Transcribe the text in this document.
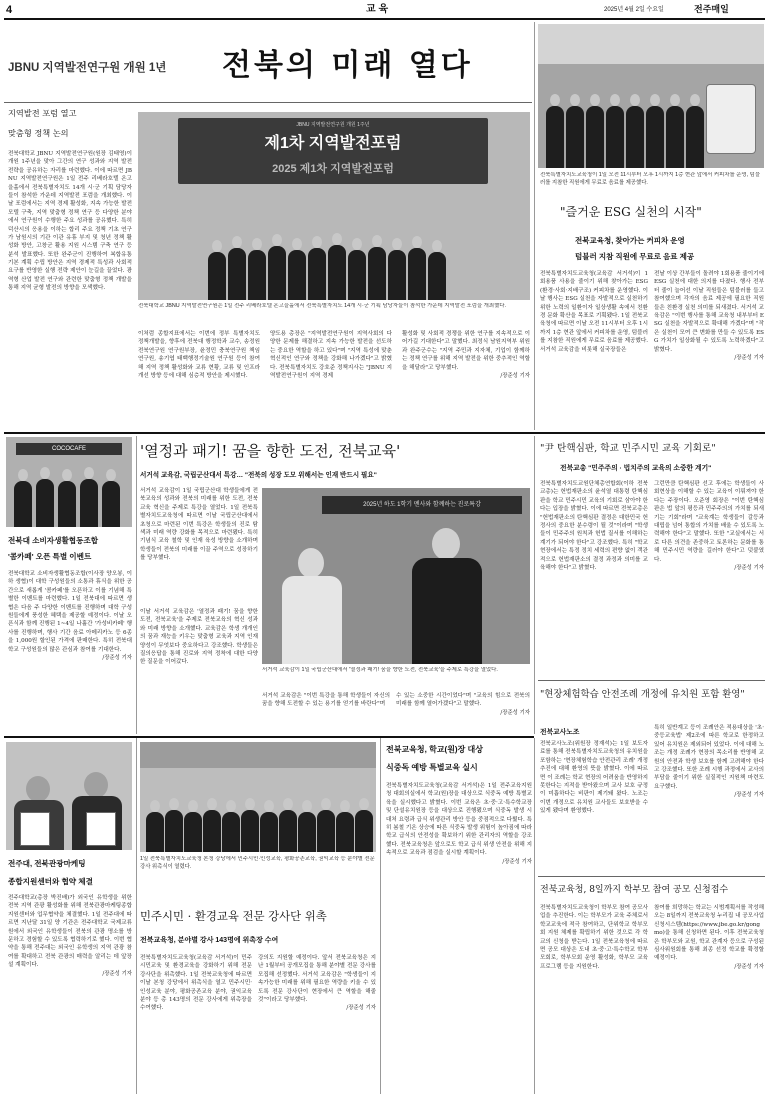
4	교 육	2025년 4월 2일 수요일	전주매일
JBNU 지역발전연구원 개원 1년	전북의 미래 열다
지역발전 포럼 열고
맞춤형 정책 논의
전북대학교 JBNU 지역발전연구원(원장 김태영)이 개원 1주년을 맞아 그간의 연구 성과와 지역 발전 전략을 공유하는 자리를 마련했다. 이에 따르면 JBNU 지역발전연구원은 1일 전주 리베라호텔 온고을홀에서 전북특별자치도 14개 시·군 기획 담당자들이 참석한 가운데 지역발전 포럼을 개최했다. 이날 포럼에서는 지역 경제 활성화, 지속 가능한 발전 모델 구축, 지역 맞춤형 정책 연구 등 다양한 분야에서 연구원이 수행한 주요 성과를 공유했다. 특히 덕산시의 응용을 이하는 합리 주요 정책 기초 연구가 남원시의 기관 이관 유휴 부지 및 청년 정책 활성화 방안, 고창군 활용 지원 시스템 구축 연구 등 분석 발표했다. 또한 완주군이 진행하여 복합유통 기본 계획 수립 방안은 지역 경제적 특성과 사회적 요구를 반영한 실행 전략 제안이 눈길을 끌었다. 광역형 산업 발전 연구와 관련한 맞춤형 정책 개발을 통해 지역 균형 발전의 방향을 모색했다.
JBNU 지역발전연구원 개원 1주년
제1차 지역발전포럼
2025 제1차 지역발전포럼
전북대학교 JBNU 지역발전연구원은 1일 전주 리베라호텔 온고을홀에서 전북특별자치도 14개 시·군 기획 담당자들이 참석한 가운데 지역발전 포럼을 개최했다.
이처럼 종합지표에서는 이번에 정부 특별자치도 정책개발을, 향후에 전북대 행정학과 교수, 송정원 전북연구원 연구원부장, 윤정민 충북연구원 책임연구원, 송기엽 태백행정기술원 연구원 등이 참여해 지역 정책 활성화와 교류 현황, 교류 및 인프라 개선 방향 등에 대해 심층적 방안을 제시했다.
양도용 총장은 "지역발전연구원이 지역사회의 다양한 문제를 해결하고 지속 가능한 발전을 선도하는 중요한 역할을 하고 있다"며 "지역 특성에 맞춘 혁신적인 연구와 정책을 강화해 나가겠다"고 밝혔다. 전북특별자치도 강호준 정책지사는 "JBNU 지역발전연구원이 지역 경제
활성화 및 사회적 경쟁을 위한 연구를 지속적으로 이어가길 기대한다"고 말했다. 최정식 남원지역부 위원과 완주군수는 "지역 주민과 지자체, 기업이 함께하는 정책 연구를 위해 지역 발전을 위한 중추적인 역할을 해달라"고 당부했다.
/장준성 기자
전북특별자치도교육청이 1일 오전 11시부터 오후 1시까지 1층 현관 앞에서 커피차를 운영, 텀블러를 지참한 직원에게 무료로 음료를 제공했다.
"즐거운 ESG 실천의 시작"
전북교육청, 찾아가는 커피차 운영
텀블러 지참 직원에 무료로 음료 제공
전북특별자치도교육청(교육감 서거석)이 1회용품 사용을 줄이기 위해 찾아가는 ESG(환경·사회·지배구조) 커피차를 운영했다. 이날 행사는 ESG 실천을 자발적으로 실천하기 위한 노력의 일환이자 일상생활 속에서 친환경 문화 확산을 목표로 기획됐다. 1일 전북교육청에 따르면 이날 오전 11시부터 오후 1시까지 1층 현관 앞에서 커피차를 운영, 텀블러를 지참한 직원에게 무료로 음료를 제공했다. 서거석 교육감을 비롯해 실국장들은
전날 이상 간부들이 돌려야 1회용품 줄이기에 ESG 실천에 대한 의지를 다졌다. 행사 전부터 줄이 늘어선 이날 직원들은 텀블러를 들고 참여했으며 각자의 음료 제공에 필요한 직원들은 친환경 실천 의미를 되새겼다. 서거석 교육감은 "이번 행사를 통해 교육청 내부부터 ESG 실천을 자발적으로 확대해 가겠다"며 "작은 실천이 모여 큰 변화를 만들 수 있도록 ESG 가치가 일상화될 수 있도록 노력하겠다"고 밝혔다.
/장준성 기자
COCOCAFE
전북대 소비자생활협동조합
'콤카페' 오픈 특별 이벤트
전북대학교 소비자생활협동조합(이사장 양오봉, 이하 생협)이 대학 구성원들의 소통과 휴식을 위한 공간으로 새롭게 '콤카페'를 오픈하고 이를 기념해 특별한 이벤트를 마련했다. 1일 전북대에 따르면 생협은 다음 주 다양한 이벤트를 진행하며 대학 구성원들에게 풍성한 혜택을 제공할 예정이다. 이날 오픈식과 함께 진행된 1~4일 나흘간 '가성비카페' 행사를 진행하며, 행사 기간 음료 아메리카노 등 6종을 1,000원 할인된 가격에 판매한다. 특히 전북대학교 구성원들의 많은 관심과 참여를 기대한다.
/장준성 기자
'열정과 패기! 꿈을 향한 도전, 전북교육'
서거석 교육감, 국립군산대서 특강… "전북의 성장 도모 위해서는 인재 반드시 필요"
서거석 교육감이 1일 국립군산대 학생들에게 전북교육의 성과와 전북의 미래를 위한 도전, 전북교육 혁신을 주제로 특강을 열었다. 1일 전북특별자치도교육청에 따르면 이날 국립군산대에서 초청으로 마련된 이번 특강은 학생들의 진로 탐색과 미래 역량 강화를 목적으로 마련됐다. 특히 기념식 교육 철학 및 인재 육성 방향을 소개하며 학생들이 전북의 미래를 이끌 주역으로 성장하기를 당부했다.
이날 서거석 교육감은 '열정과 패기! 꿈을 향한 도전, 전북교육'을 주제로 전북교육의 혁신 성과와 미래 방향을 소개했다. 교육감은 학생 개개인의 꿈과 재능을 키우는 맞춤형 교육과 지역 인재 양성이 무엇보다 중요하다고 강조했다. 학생들은 질의응답을 통해 진로와 지역 정착에 대한 다양한 질문을 이어갔다.
2025년 하도 1학기 멘사와 함께하는 진로특강
서거석 교육감이 1일 국립군산대에서 '열정과 패기! 꿈을 향한 도전, 전북교육'을 주제로 특강을 열었다.
서거석 교육감은 "이번 특강을 통해 학생들이 자신의 꿈을 향해 도전할 수 있는 용기를 얻기를 바란다"며
수 있는 소중한 시간이었다"며 "교육의 힘으로 전북의 미래를 함께 열어가겠다"고 말했다.
/장준성 기자
"尹 탄핵심판, 학교 민주시민 교육 기회로"
전북교총 "민주주의 · 법치주의 교육의 소중한 계기"
전북특별자치도교원단체총연합회(이하 전북교총)는 헌법재판소의 윤석열 대통령 탄핵심판을 학교 민주시민 교육의 기회로 삼아야 한다는 입장을 밝혔다. 이에 따르면 전북교총은 "헌법재판소의 탄핵심판 결정은 대한민국 헌정사의 중요한 분수령이 될 것"이라며 "학생들이 민주주의 원칙과 헌법 질서를 이해하는 계기가 되어야 한다"고 강조했다. 특히 "학교 현장에서는 특정 정치 세력의 편향 없이 객관적으로 헌법재판소의 결정 과정과 의미를 교육해야 한다"고 밝혔다.
그런만큼 탄핵심판 선고 후에는 학생들이 사회현상을 이해할 수 있는 교육이 이뤄져야 한다는 주장이다. 오준영 회장은 "이번 탄핵심판은 법 앞의 평등과 민주주의의 가치를 되새기는 기회"라며 "교육계는 학생들이 갈등과 대립을 넘어 통합의 가치를 배울 수 있도록 노력해야 한다"고 말했다. 또한 "교실에서는 서로 다른 의견을 존중하고 토론하는 문화를 통해 민주시민 역량을 길러야 한다"고 덧붙였다.
/장준성 기자
"현장체험학습 안전조례 개정에 유치원 포함 환영"
전북교사노조
전북교사노조(위원장 정재석)는 1일 보도자료를 통해 전북특별자치도교육청의 유치원을 포함하는 '현장체험학습 안전관리 조례' 개정 추진에 대해 환영의 뜻을 밝혔다. 이에 따르면 이 조례는 학교 현장의 어려움을 반영하지 못한다는 지적을 받아왔으며 교사 보호 규정이 미흡하다는 비판이 제기돼 왔다. 노조는 이번 개정으로 유치원 교사들도 보호받을 수 있게 됐다며 환영했다.
특히 일반계고 등이 조례안은 적용대상을 '초·중등교육법' 제2조에 따른 학교로 한정하고 있어 유치원은 제외되어 있었다. 이에 대해 노조는 개정 조례가 현장의 목소리를 반영해 교원의 안전과 학생 보호를 함께 고려해야 한다고 강조했다. 또한 조례 시행 과정에서 교사의 부담을 줄이기 위한 실질적인 지원책 마련도 요구했다.
/장준성 기자
전주대, 전북관광마케팅
종합지원센터와 협약 체결
전주대학교(총장 박진배)가 외국인 유학생을 위한 전북 지역 관광 활성화를 위해 전북관광마케팅종합지원센터와 업무협약을 체결했다. 1일 전주대에 따르면 지난달 31일 양 기관은 전주대학교 국제교류원에서 외국인 유학생들이 전북의 관광 명소를 방문하고 경험할 수 있도록 협력하기로 했다. 이번 협약을 통해 전주대는 외국인 유학생의 지역 관광 참여를 확대하고 전북 관광의 매력을 알리는 데 앞장설 계획이다.
/장준성 기자
1일 전북특별자치도교육청 본청 강당에서 민주시민·인성교육, 평화공존교육, 권익교육 등 분야별 전문강사 위촉식이 열렸다.
민주시민 · 환경교육 전문 강사단 위촉
전북교육청, 분야별 강사 143명에 위촉장 수여
전북특별자치도교육청(교육감 서거석)이 민주시민교육 및 환경교육을 강화하기 위해 전문 강사단을 위촉했다. 1일 전북교육청에 따르면 이날 본청 강당에서 위촉식을 열고 민주시민·인성교육 분야, 평화공존교육 분야, 권익교육 분야 등 총 143명의 전문 강사에게 위촉장을 수여했다.
강의도 지원할 예정이다. 앞서 전북교육청은 지난 1월부터 공개모집을 통해 분야별 전문 강사를 모집해 선정했다. 서거석 교육감은 "학생들이 지속가능한 미래를 위해 필요한 역량을 키울 수 있도록 전문 강사단이 현장에서 큰 역할을 해줄 것"이라고 당부했다.
/장준성 기자
전북교육청, 학교(원)장 대상
식중독 예방 특별교육 실시
전북특별자치도교육청(교육감 서거석)은 1일 전주교육지원청 대회의실에서 학교(원)장을 대상으로 식중독 예방 특별교육을 실시했다고 밝혔다. 이번 교육은 초·중·고·특수학교장 및 단설유치원장 등을 대상으로 진행됐으며 식중독 발생 시 대처 요령과 급식 위생관리 방안 등을 중점적으로 다뤘다. 특히 봄철 기온 상승에 따른 식중독 발생 위험이 높아짐에 따라 학교 급식의 안전성을 확보하기 위한 관리자의 역할을 강조했다. 전북교육청은 앞으로도 학교 급식 위생 안전을 위해 지속적으로 교육과 점검을 실시할 계획이다.
/장준성 기자
전북교육청, 8일까지 학부모 참여 공모 신청접수
전북특별자치도교육청이 학부모 참여 공모사업을 추진한다. 이는 학부모가 교육 주체로서 학교교육에 적극 참여하고, 단위학교 학부모회 지원 체제를 확립하기 위한 것으로 각 학교의 신청을 받는다. 1일 전북교육청에 따르면 공모 대상은 도내 초·중·고·특수학교 학부모회로, 학부모회 운영 활성화, 학부모 교육 프로그램 등을 지원한다.
참여를 희망하는 학교는 시범계획서를 작성해 오는 8일까지 전북교육청 누리집 내 공모사업 신청시스템(https://www.jbe.go.kr/gongmo)을 통해 신청하면 된다. 이후 전북교육청은 학부모와 교원, 학교 관계자 등으로 구성된 심사위원회를 통해 최종 선정 학교를 확정할 예정이다.
/장준성 기자
